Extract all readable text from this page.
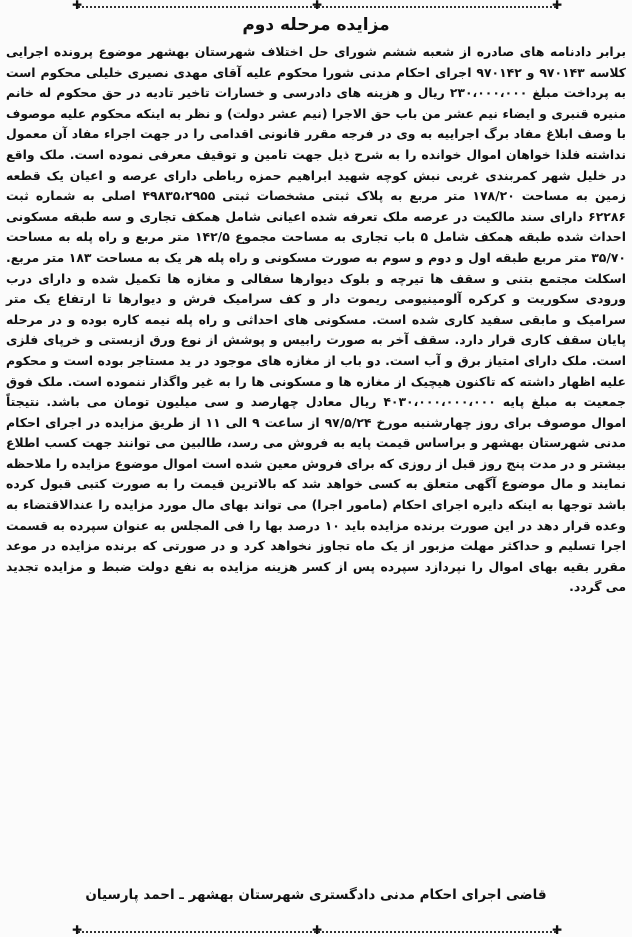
✚	✚	✚
مزایده مرحله دوم

برابر دادنامه های صادره از شعبه ششم شورای حل اختلاف شهرستان بهشهر موضوع پرونده اجرایی کلاسه ۹۷۰۱۴۳ و ۹۷۰۱۴۲ اجرای احکام مدنی شورا محکوم علیه آقای مهدی نصیری خلیلی محکوم است به پرداخت مبلغ ۲۳۰،۰۰۰،۰۰۰ ریال و هزینه های دادرسی و خسارات تاخیر تادیه در حق محکوم له خانم منیره قنبری و ایضاء نیم عشر من باب حق الاجرا (نیم عشر دولت) و نظر به اینکه محکوم علیه موصوف با وصف ابلاغ مفاد برگ اجراییه به وی در فرجه مقرر قانونی اقدامی را در جهت اجراء مفاد آن معمول نداشته فلذا خواهان اموال خوانده را به شرح ذیل جهت تامین و توقیف معرفی نموده است. ملک واقع در خلیل شهر کمربندی غربی نبش کوچه شهید ابراهیم حمزه رباطی دارای عرصه و اعیان یک قطعه زمین به مساحت ۱۷۸/۲۰ متر مربع به پلاک ثبتی مشخصات ثبتی ۴۹۸۳۵،۲۹۵۵ اصلی به شماره ثبت ۶۲۲۸۶ دارای سند مالکیت در عرصه ملک تعرفه شده اعیانی شامل همکف تجاری و سه طبقه مسکونی احداث شده طبقه همکف شامل ۵ باب تجاری به مساحت مجموع ۱۴۲/۵ متر مربع و راه پله به مساحت ۳۵/۷۰ متر مربع طبقه اول و دوم و سوم به صورت مسکونی و راه پله هر یک به مساحت ۱۸۳ متر مربع. اسکلت مجتمع بتنی و سقف ها تیرچه و بلوک دیوارها سفالی و مغازه ها تکمیل شده و دارای درب ورودی سکوریت و کرکره آلومینیومی ریموت دار و کف سرامیک فرش و دیوارها تا ارتفاع یک متر سرامیک و مابقی سفید کاری شده است. مسکونی های احداثی و راه پله نیمه کاره بوده و در مرحله پایان سقف کاری قرار دارد. سقف آخر به صورت رابیس و پوشش از نوع ورق ازبستی و خرپای فلزی است. ملک دارای امتیاز برق و آب است. دو باب از مغازه های موجود در ید مستاجر بوده است و محکوم علیه اظهار داشته که تاکنون هیچیک از مغازه ها و مسکونی ها را به غیر واگذار ننموده است. ملک فوق جمعیت به مبلغ پایه ۴۰۳۰،۰۰۰،۰۰۰،۰۰۰ ریال معادل چهارصد و سی میلیون تومان می باشد. نتیجتاً اموال موصوف برای روز چهارشنبه مورخ ۹۷/۵/۲۴ از ساعت ۹ الی ۱۱ از طریق مزایده در اجرای احکام مدنی شهرستان بهشهر و براساس قیمت پایه به فروش می رسد، طالبین می توانند جهت کسب اطلاع بیشتر و در مدت پنج روز قبل از روزی که برای فروش معین شده است اموال موضوع مزایده را ملاحظه نمایند و مال موضوع آگهی متعلق به کسی خواهد شد که بالاترین قیمت را به صورت کتبی قبول کرده باشد توجها به اینکه دایره اجرای احکام (مامور اجرا) می تواند بهای مال مورد مزایده را عندالاقتضاء به وعده قرار دهد در این صورت برنده مزایده باید ۱۰ درصد بها را فی المجلس به عنوان سپرده به قسمت اجرا تسلیم و حداکثر مهلت مزبور از یک ماه تجاوز نخواهد کرد و در صورتی که برنده مزایده در موعد مقرر بقیه بهای اموال را نپردازد سپرده پس از کسر هزینه مزایده به نفع دولت ضبط و مزایده تجدید می گردد.

قاضی اجرای احکام مدنی دادگستری شهرستان بهشهر ـ احمد پارسیان
✚	✚	✚
